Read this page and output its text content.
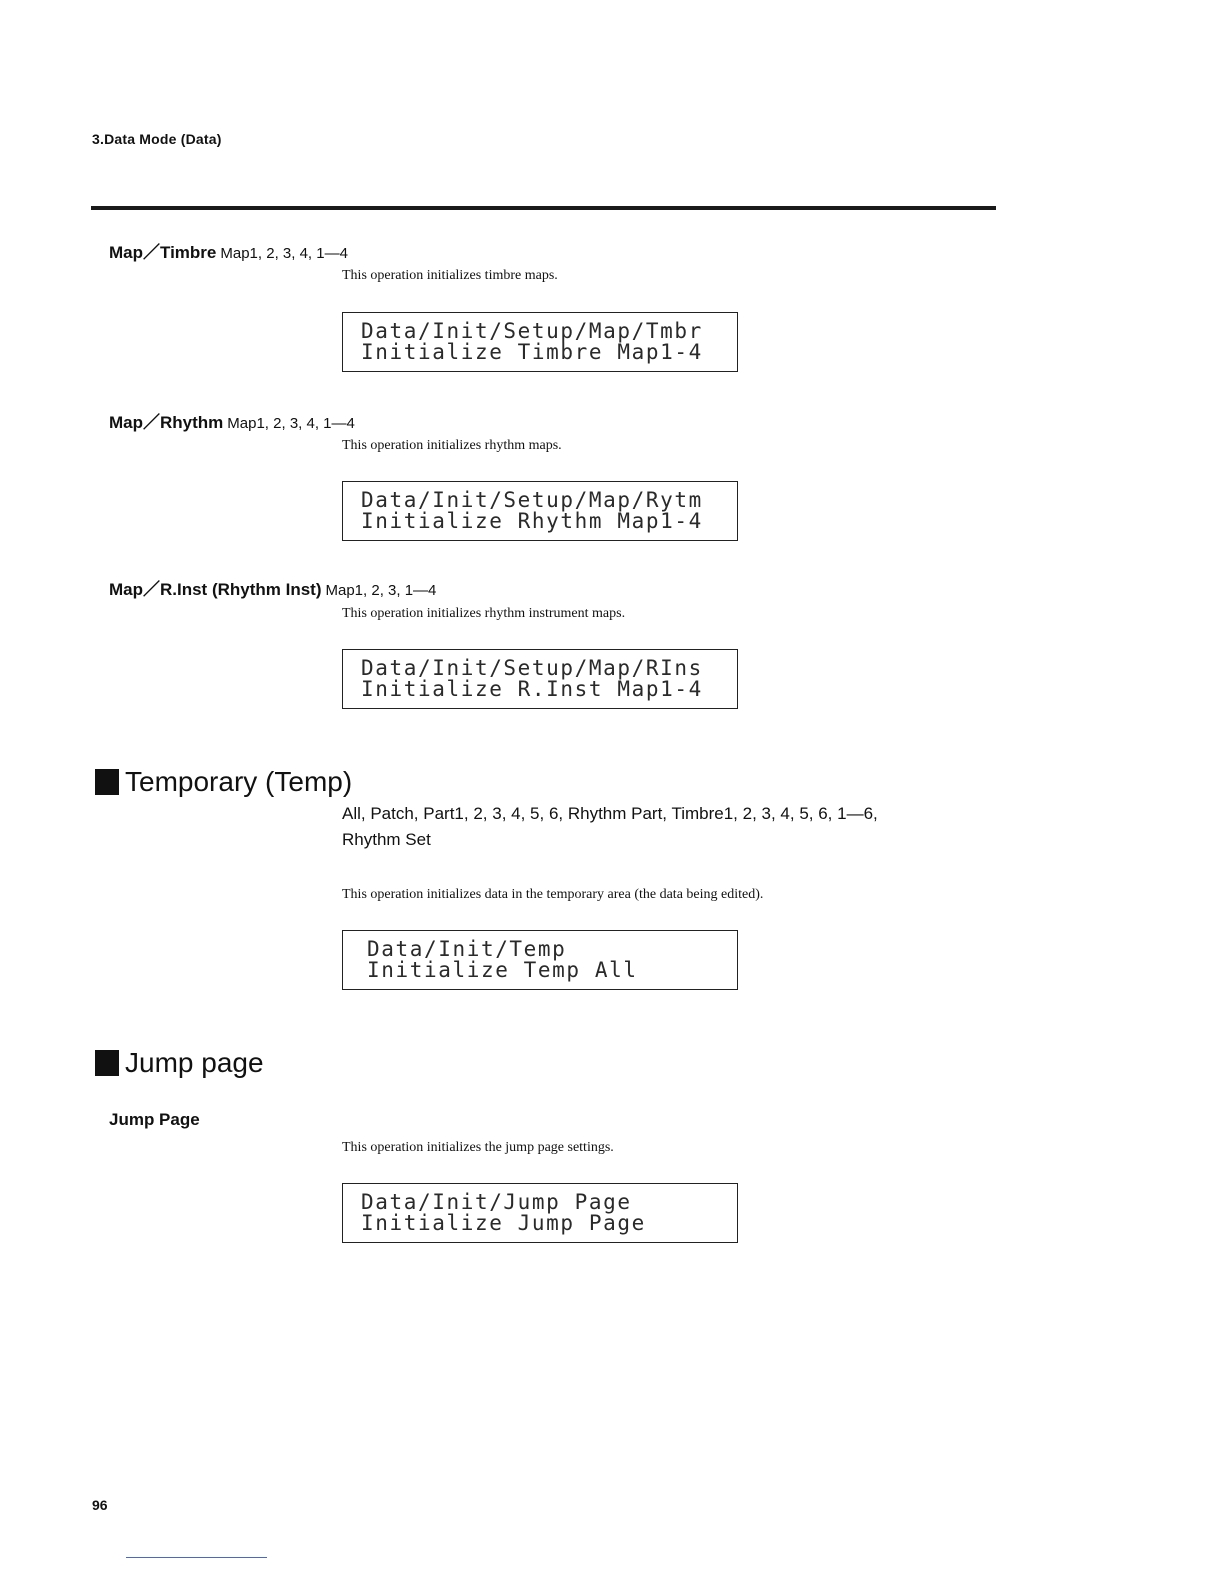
3.Data Mode (Data)
Map／Timbre Map1, 2, 3, 4, 1—4
This operation initializes timbre maps.
Data/Init/Setup/Map/Tmbr
Initialize Timbre Map1-4
Map／Rhythm Map1, 2, 3, 4, 1—4
This operation initializes rhythm maps.
Data/Init/Setup/Map/Rytm
Initialize Rhythm Map1-4
Map／R.Inst (Rhythm Inst) Map1, 2, 3, 1—4
This operation initializes rhythm instrument maps.
Data/Init/Setup/Map/RIns
Initialize R.Inst Map1-4
Temporary (Temp)
All, Patch, Part1, 2, 3, 4, 5, 6, Rhythm Part, Timbre1, 2, 3, 4, 5, 6, 1—6,
Rhythm Set
This operation initializes data in the temporary area (the data being edited).
Data/Init/Temp
Initialize Temp All
Jump page
Jump Page
This operation initializes the jump page settings.
Data/Init/Jump Page
Initialize Jump Page
96
